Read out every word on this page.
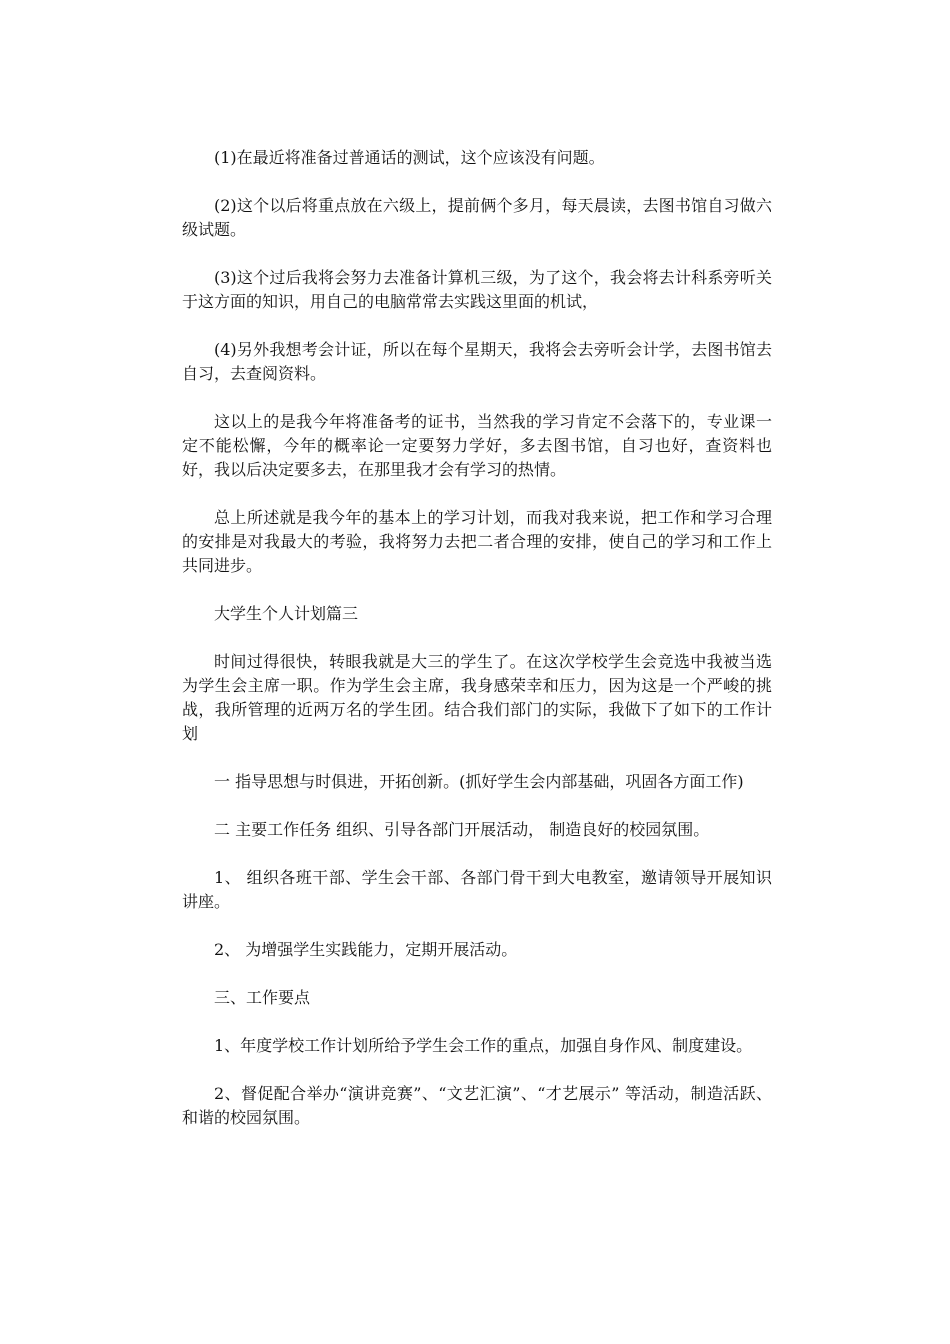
(1)在最近将准备过普通话的测试，这个应该没有问题。

(2)这个以后将重点放在六级上，提前俩个多月，每天晨读，去图书馆自习做六级试题。

(3)这个过后我将会努力去准备计算机三级，为了这个，我会将去计科系旁听关于这方面的知识，用自己的电脑常常去实践这里面的机试，

(4)另外我想考会计证，所以在每个星期天，我将会去旁听会计学，去图书馆去自习，去查阅资料。

这以上的是我今年将准备考的证书，当然我的学习肯定不会落下的，专业课一定不能松懈，今年的概率论一定要努力学好，多去图书馆，自习也好，查资料也好，我以后决定要多去，在那里我才会有学习的热情。

总上所述就是我今年的基本上的学习计划，而我对我来说，把工作和学习合理的安排是对我最大的考验，我将努力去把二者合理的安排，使自己的学习和工作上共同进步。

大学生个人计划篇三

时间过得很快，转眼我就是大三的学生了。在这次学校学生会竞选中我被当选为学生会主席一职。作为学生会主席，我身感荣幸和压力，因为这是一个严峻的挑战，我所管理的近两万名的学生团。结合我们部门的实际，我做下了如下的工作计划

一 指导思想与时俱进，开拓创新。(抓好学生会内部基础，巩固各方面工作)

二 主要工作任务 组织、引导各部门开展活动， 制造良好的校园氛围。

1、 组织各班干部、学生会干部、各部门骨干到大电教室，邀请领导开展知识讲座。

2、 为增强学生实践能力，定期开展活动。

三、工作要点

1、年度学校工作计划所给予学生会工作的重点，加强自身作风、制度建设。

2、督促配合举办“演讲竞赛”、“文艺汇演”、“才艺展示” 等活动，制造活跃、和谐的校园氛围。
